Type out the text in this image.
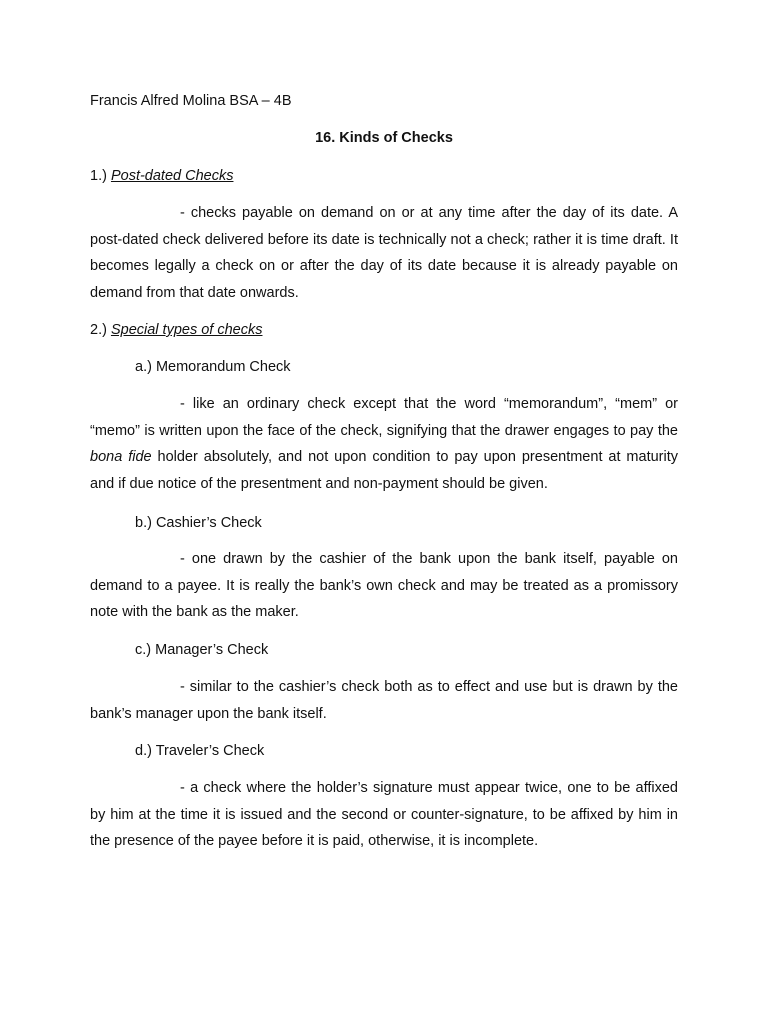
Francis Alfred Molina BSA – 4B
16. Kinds of Checks
1.) Post-dated Checks
- checks payable on demand on or at any time after the day of its date. A post-dated check delivered before its date is technically not a check; rather it is time draft. It becomes legally a check on or after the day of its date because it is already payable on demand from that date onwards.
2.) Special types of checks
a.) Memorandum Check
- like an ordinary check except that the word “memorandum”, “mem” or “memo” is written upon the face of the check, signifying that the drawer engages to pay the bona fide holder absolutely, and not upon condition to pay upon presentment at maturity and if due notice of the presentment and non-payment should be given.
b.) Cashier’s Check
- one drawn by the cashier of the bank upon the bank itself, payable on demand to a payee. It is really the bank’s own check and may be treated as a promissory note with the bank as the maker.
c.) Manager’s Check
- similar to the cashier’s check both as to effect and use but is drawn by the bank’s manager upon the bank itself.
d.) Traveler’s Check
- a check where the holder’s signature must appear twice, one to be affixed by him at the time it is issued and the second or counter-signature, to be affixed by him in the presence of the payee before it is paid, otherwise, it is incomplete.
